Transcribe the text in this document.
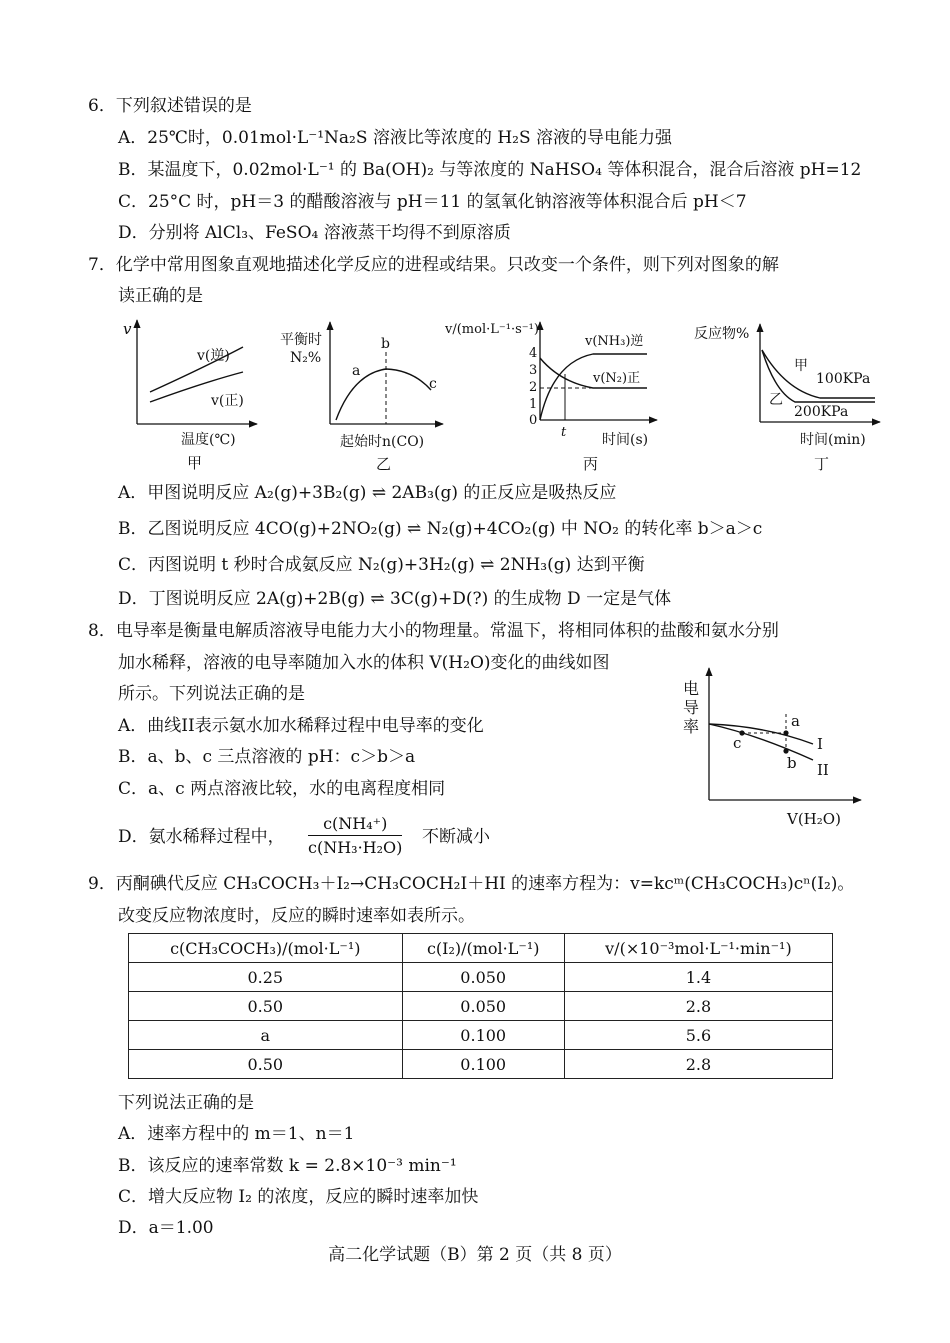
6．下列叙述错误的是
A．25℃时，0.01mol·L⁻¹Na₂S 溶液比等浓度的 H₂S 溶液的导电能力强
B．某温度下，0.02mol·L⁻¹ 的 Ba(OH)₂ 与等浓度的 NaHSO₄ 等体积混合，混合后溶液 pH=12
C．25°C 时，pH＝3 的醋酸溶液与 pH＝11 的氢氧化钠溶液等体积混合后 pH＜7
D．分别将 AlCl₃、FeSO₄ 溶液蒸干均得不到原溶质
7．化学中常用图象直观地描述化学反应的进程或结果。只改变一个条件，则下列对图象的解
读正确的是
v
v(逆)
v(正)
温度(℃)
甲
平衡时
N₂%
b
a
c
起始时n(CO)
乙
v/(mol·L⁻¹·s⁻¹)
4
3
2
1
0
t
v(NH₃)逆
v(N₂)正
时间(s)
丙
反应物%
甲
100KPa
乙
200KPa
时间(min)
丁
A．甲图说明反应 A₂(g)+3B₂(g) ⇌ 2AB₃(g) 的正反应是吸热反应
B．乙图说明反应 4CO(g)+2NO₂(g) ⇌ N₂(g)+4CO₂(g) 中 NO₂ 的转化率 b＞a＞c
C．丙图说明 t 秒时合成氨反应 N₂(g)+3H₂(g) ⇌ 2NH₃(g) 达到平衡
D．丁图说明反应 2A(g)+2B(g) ⇌ 3C(g)+D(?) 的生成物 D 一定是气体
8．电导率是衡量电解质溶液导电能力大小的物理量。常温下，将相同体积的盐酸和氨水分别
加水稀释，溶液的电导率随加入水的体积 V(H₂O)变化的曲线如图
所示。下列说法正确的是
A．曲线II表示氨水加水稀释过程中电导率的变化
B．a、b、c 三点溶液的 pH：c＞b＞a
C．a、c 两点溶液比较，水的电离程度相同
D．氨水稀释过程中， $\frac{\text{c(NH₄⁺)}}{\text{c(NH₃·H₂O)}}$ 不断减小
电
导
率	a
b
c	I
II
V(H₂O)
9．丙酮碘代反应 CH₃COCH₃＋I₂→CH₃COCH₂I＋HI 的速率方程为：v=kcᵐ(CH₃COCH₃)cⁿ(I₂)。
改变反应物浓度时，反应的瞬时速率如表所示。
c(CH₃COCH₃)/(mol·L⁻¹)	c(I₂)/(mol·L⁻¹)	v/(×10⁻³mol·L⁻¹·min⁻¹)
0.25	0.050	1.4
0.50	0.050	2.8
a	0.100	5.6
0.50	0.100	2.8
下列说法正确的是
A．速率方程中的 m＝1、n＝1
B．该反应的速率常数 k = 2.8×10⁻³ min⁻¹
C．增大反应物 I₂ 的浓度，反应的瞬时速率加快
D．a＝1.00
高二化学试题（B）第 2 页（共 8 页）
